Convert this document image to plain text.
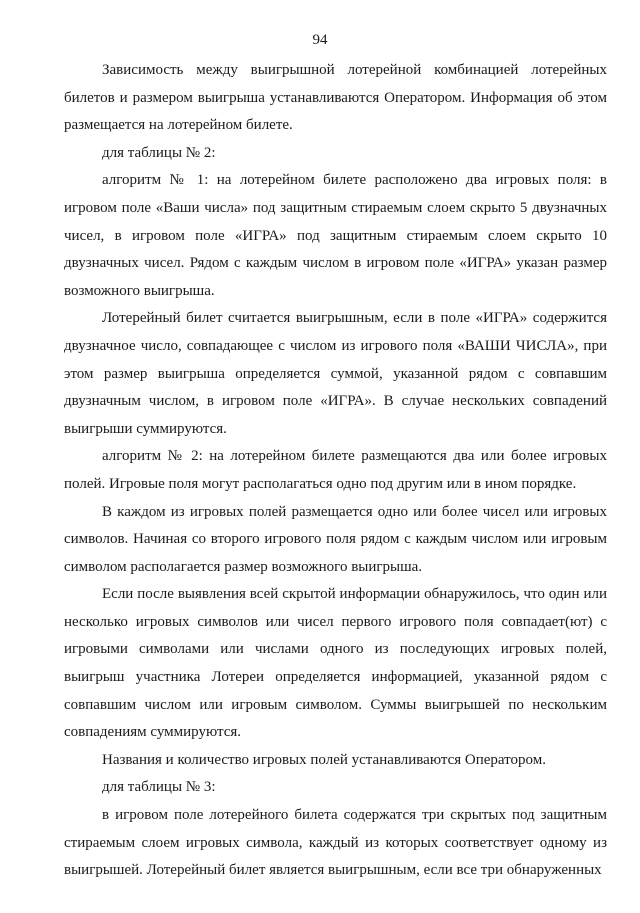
94

Зависимость между выигрышной лотерейной комбинацией лотерейных билетов и размером выигрыша устанавливаются Оператором. Информация об этом размещается на лотерейном билете.

для таблицы № 2:

алгоритм № 1: на лотерейном билете расположено два игровых поля: в игровом поле «Ваши числа» под защитным стираемым слоем скрыто 5 двузначных чисел, в игровом поле «ИГРА» под защитным стираемым слоем скрыто 10 двузначных чисел. Рядом с каждым числом в игровом поле «ИГРА» указан размер возможного выигрыша.

Лотерейный билет считается выигрышным, если в поле «ИГРА» содержится двузначное число, совпадающее с числом из игрового поля «ВАШИ ЧИСЛА», при этом размер выигрыша определяется суммой, указанной рядом с совпавшим двузначным числом, в игровом поле «ИГРА». В случае нескольких совпадений выигрыши суммируются.

алгоритм № 2: на лотерейном билете размещаются два или более игровых полей. Игровые поля могут располагаться одно под другим или в ином порядке.

В каждом из игровых полей размещается одно или более чисел или игровых символов. Начиная со второго игрового поля рядом с каждым числом или игровым символом располагается размер возможного выигрыша.

Если после выявления всей скрытой информации обнаружилось, что один или несколько игровых символов или чисел первого игрового поля совпадает(ют) с игровыми символами или числами одного из последующих игровых полей, выигрыш участника Лотереи определяется информацией, указанной рядом с совпавшим числом или игровым символом. Суммы выигрышей по нескольким совпадениям суммируются.

Названия и количество игровых полей устанавливаются Оператором.

для таблицы № 3:

в игровом поле лотерейного билета содержатся три скрытых под защитным стираемым слоем игровых символа, каждый из которых соответствует одному из выигрышей. Лотерейный билет является выигрышным, если все три обнаруженных
